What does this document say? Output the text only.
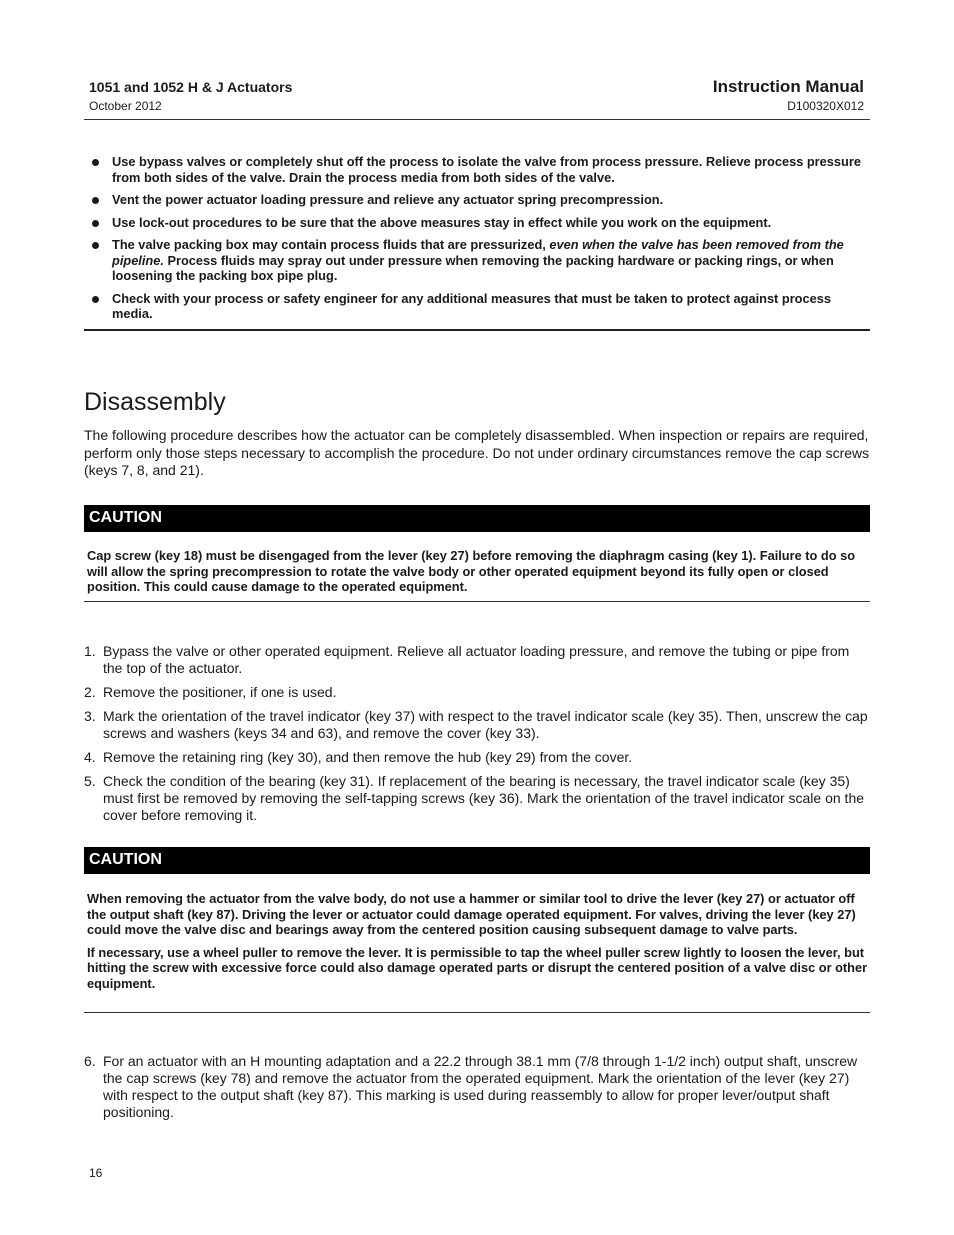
1051 and 1052 H & J Actuators
October 2012
Instruction Manual
D100320X012
Use bypass valves or completely shut off the process to isolate the valve from process pressure. Relieve process pressure from both sides of the valve. Drain the process media from both sides of the valve.
Vent the power actuator loading pressure and relieve any actuator spring precompression.
Use lock-out procedures to be sure that the above measures stay in effect while you work on the equipment.
The valve packing box may contain process fluids that are pressurized, even when the valve has been removed from the pipeline. Process fluids may spray out under pressure when removing the packing hardware or packing rings, or when loosening the packing box pipe plug.
Check with your process or safety engineer for any additional measures that must be taken to protect against process media.
Disassembly

The following procedure describes how the actuator can be completely disassembled. When inspection or repairs are required, perform only those steps necessary to accomplish the procedure. Do not under ordinary circumstances remove the cap screws (keys 7, 8, and 21).

CAUTION

Cap screw (key 18) must be disengaged from the lever (key 27) before removing the diaphragm casing (key 1). Failure to do so will allow the spring precompression to rotate the valve body or other operated equipment beyond its fully open or closed position. This could cause damage to the operated equipment.

1. Bypass the valve or other operated equipment. Relieve all actuator loading pressure, and remove the tubing or pipe from the top of the actuator.
2. Remove the positioner, if one is used.
3. Mark the orientation of the travel indicator (key 37) with respect to the travel indicator scale (key 35). Then, unscrew the cap screws and washers (keys 34 and 63), and remove the cover (key 33).
4. Remove the retaining ring (key 30), and then remove the hub (key 29) from the cover.
5. Check the condition of the bearing (key 31). If replacement of the bearing is necessary, the travel indicator scale (key 35) must first be removed by removing the self-tapping screws (key 36). Mark the orientation of the travel indicator scale on the cover before removing it.
CAUTION

When removing the actuator from the valve body, do not use a hammer or similar tool to drive the lever (key 27) or actuator off the output shaft (key 87). Driving the lever or actuator could damage operated equipment. For valves, driving the lever (key 27) could move the valve disc and bearings away from the centered position causing subsequent damage to valve parts.

If necessary, use a wheel puller to remove the lever. It is permissible to tap the wheel puller screw lightly to loosen the lever, but hitting the screw with excessive force could also damage operated parts or disrupt the centered position of a valve disc or other equipment.

6. For an actuator with an H mounting adaptation and a 22.2 through 38.1 mm (7/8 through 1-1/2 inch) output shaft, unscrew the cap screws (key 78) and remove the actuator from the operated equipment. Mark the orientation of the lever (key 27) with respect to the output shaft (key 87). This marking is used during reassembly to allow for proper lever/output shaft positioning.
16
